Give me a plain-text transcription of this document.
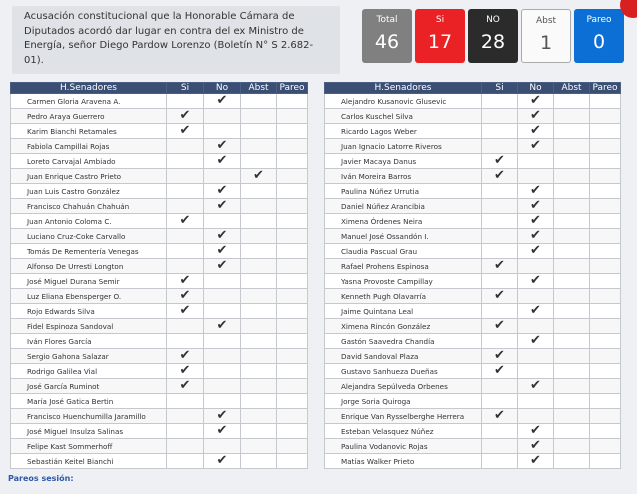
Acusación constitucional que la Honorable Cámara de Diputados acordó dar lugar en contra del ex Ministro de Energía, señor Diego Pardow Lorenzo (Boletín N° S 2.682-01).
Total
46
Si
17
NO
28
Abst
1
Pareo
0
H.Senadores	Si	No	Abst	Pareo
Carmen Gloria Aravena A.		✔		
Pedro Araya Guerrero	✔			
Karim Bianchi Retamales	✔			
Fabiola Campillai Rojas		✔		
Loreto Carvajal Ambiado		✔		
Juan Enrique Castro Prieto			✔	
Juan Luis Castro González		✔		
Francisco Chahuán Chahuán		✔		
Juan Antonio Coloma C.	✔			
Luciano Cruz-Coke Carvallo		✔		
Tomás De Rementería Venegas		✔		
Alfonso De Urresti Longton		✔		
José Miguel Durana Semir	✔			
Luz Eliana Ebensperger O.	✔			
Rojo Edwards Silva	✔			
Fidel Espinoza Sandoval		✔		
Iván Flores García				
Sergio Gahona Salazar	✔			
Rodrigo Galilea Vial	✔			
José García Ruminot	✔			
María José Gatica Bertin				
Francisco Huenchumilla Jaramillo		✔		
José Miguel Insulza Salinas		✔		
Felipe Kast Sommerhoff				
Sebastián Keitel Bianchi		✔		
H.Senadores	Si	No	Abst	Pareo
Alejandro Kusanovic Glusevic		✔		
Carlos Kuschel Silva		✔		
Ricardo Lagos Weber		✔		
Juan Ignacio Latorre Riveros		✔		
Javier Macaya Danus	✔			
Iván Moreira Barros	✔			
Paulina Núñez Urrutia		✔		
Daniel Núñez Arancibia		✔		
Ximena Órdenes Neira		✔		
Manuel José Ossandón I.		✔		
Claudia Pascual Grau		✔		
Rafael Prohens Espinosa	✔			
Yasna Provoste Campillay		✔		
Kenneth Pugh Olavarría	✔			
Jaime Quintana Leal		✔		
Ximena Rincón González	✔			
Gastón Saavedra Chandía		✔		
David Sandoval Plaza	✔			
Gustavo Sanhueza Dueñas	✔			
Alejandra Sepúlveda Orbenes		✔		
Jorge Soria Quiroga				
Enrique Van Rysselberghe Herrera	✔			
Esteban Velasquez Núñez		✔		
Paulina Vodanovic Rojas		✔		
Matías Walker Prieto		✔		
Pareos sesión:
